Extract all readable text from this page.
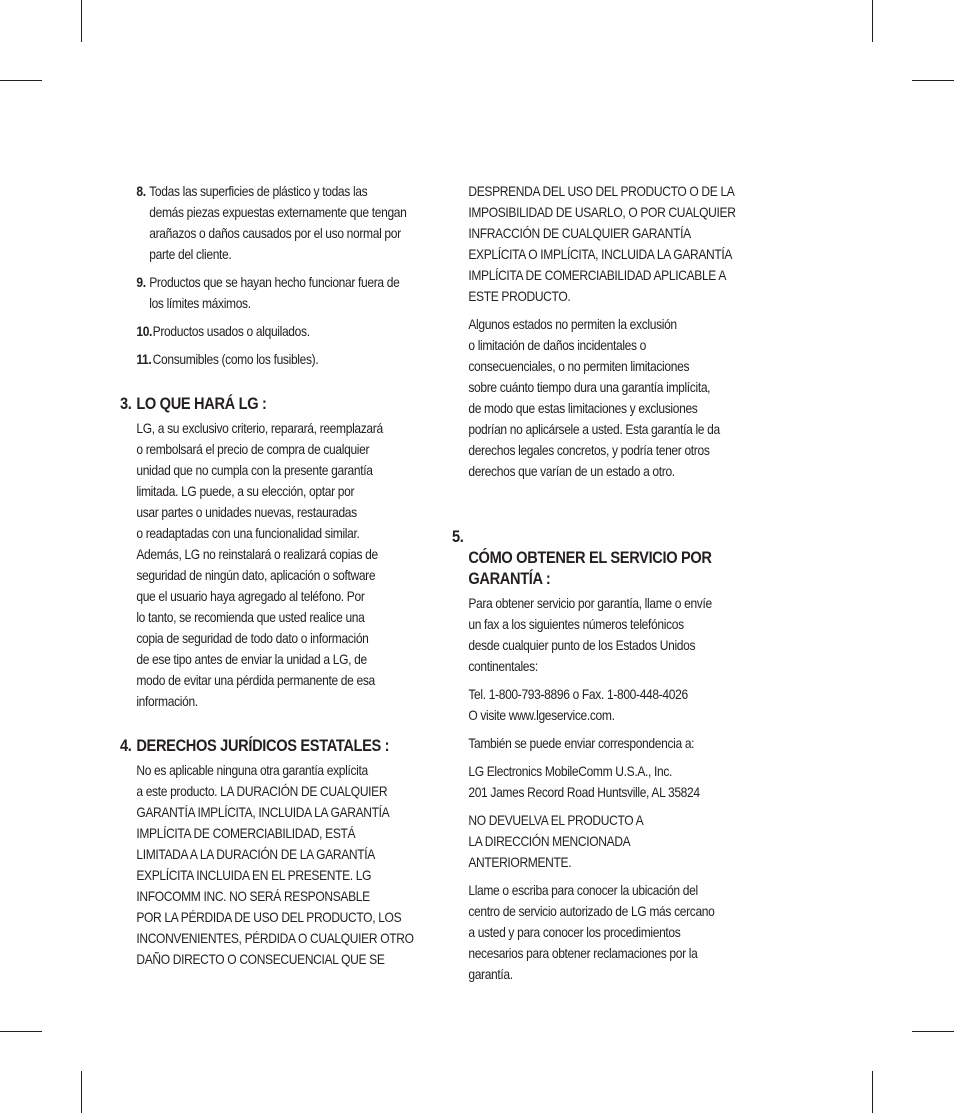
8. Todas las superficies de plástico y todas las
demás piezas expuestas externamente que tengan
arañazos o daños causados por el uso normal por
parte del cliente.
9. Productos que se hayan hecho funcionar fuera de
los límites máximos.
10. Productos usados o alquilados.
11. Consumibles (como los fusibles).
3. LO QUE HARÁ LG :
LG, a su exclusivo criterio, reparará, reemplazará
o rembolsará el precio de compra de cualquier
unidad que no cumpla con la presente garantía
limitada. LG puede, a su elección, optar por
usar partes o unidades nuevas, restauradas
o readaptadas con una funcionalidad similar.
Además, LG no reinstalará o realizará copias de
seguridad de ningún dato, aplicación o software
que el usuario haya agregado al teléfono. Por
lo tanto, se recomienda que usted realice una
copia de seguridad de todo dato o información
de ese tipo antes de enviar la unidad a LG, de
modo de evitar una pérdida permanente de esa
información.
4. DERECHOS JURÍDICOS ESTATALES :
No es aplicable ninguna otra garantía explícita
a este producto. LA DURACIÓN DE CUALQUIER
GARANTÍA IMPLÍCITA, INCLUIDA LA GARANTÍA
IMPLÍCITA DE COMERCIABILIDAD, ESTÁ
LIMITADA A LA DURACIÓN DE LA GARANTÍA
EXPLÍCITA INCLUIDA EN EL PRESENTE. LG
INFOCOMM INC. NO SERÁ RESPONSABLE
POR LA PÉRDIDA DE USO DEL PRODUCTO, LOS
INCONVENIENTES, PÉRDIDA O CUALQUIER OTRO
DAÑO DIRECTO O CONSECUENCIAL QUE SE
DESPRENDA DEL USO DEL PRODUCTO O DE LA
IMPOSIBILIDAD DE USARLO, O POR CUALQUIER
INFRACCIÓN DE CUALQUIER GARANTÍA
EXPLÍCITA O IMPLÍCITA, INCLUIDA LA GARANTÍA
IMPLÍCITA DE COMERCIABILIDAD APLICABLE A
ESTE PRODUCTO.
Algunos estados no permiten la exclusión
o limitación de daños incidentales o
consecuenciales, o no permiten limitaciones
sobre cuánto tiempo dura una garantía implícita,
de modo que estas limitaciones y exclusiones
podrían no aplicársele a usted. Esta garantía le da
derechos legales concretos, y podría tener otros
derechos que varían de un estado a otro.

5.

CÓMO OBTENER EL SERVICIO POR
GARANTÍA :

Para obtener servicio por garantía, llame o envíe
un fax a los siguientes números telefónicos
desde cualquier punto de los Estados Unidos
continentales:
Tel. 1-800-793-8896 o Fax. 1-800-448-4026
O visite www.lgeservice.com.
También se puede enviar correspondencia a:
LG Electronics MobileComm U.S.A., Inc.
201 James Record Road Huntsville, AL 35824
NO DEVUELVA EL PRODUCTO A
LA DIRECCIÓN MENCIONADA
ANTERIORMENTE.
Llame o escriba para conocer la ubicación del
centro de servicio autorizado de LG más cercano
a usted y para conocer los procedimientos
necesarios para obtener reclamaciones por la
garantía.
